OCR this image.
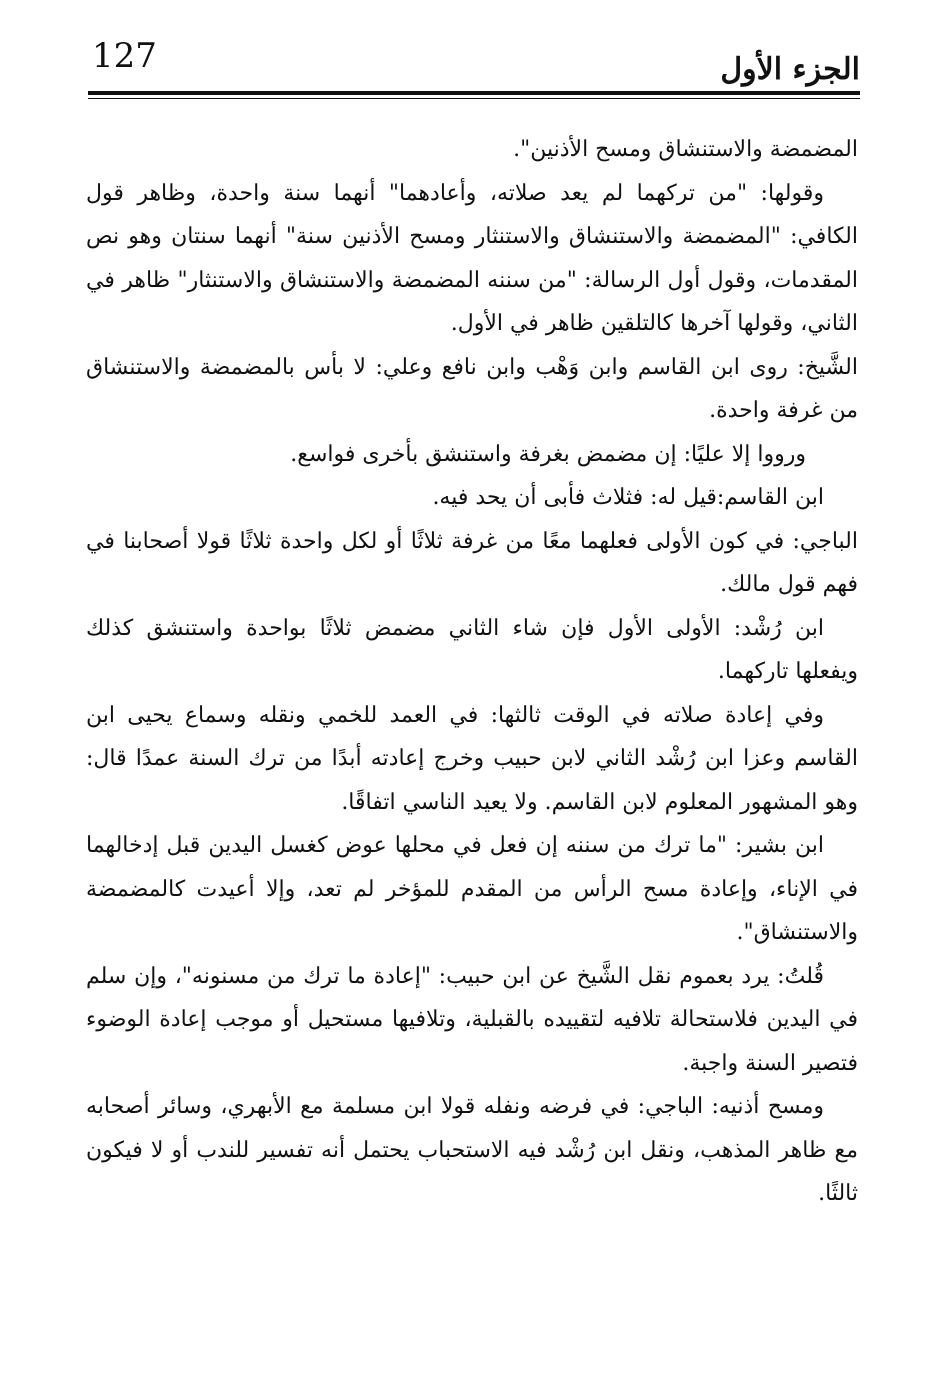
127	الجزء الأول

المضمضة والاستنشاق ومسح الأذنين".

وقولها: "من تركهما لم يعد صلاته، وأعادهما" أنهما سنة واحدة، وظاهر قول الكافي: "المضمضة والاستنشاق والاستنثار ومسح الأذنين سنة" أنهما سنتان وهو نص المقدمات، وقول أول الرسالة: "من سننه المضمضة والاستنشاق والاستنثار" ظاهر في الثاني، وقولها آخرها كالتلقين ظاهر في الأول.

الشَّيخ: روى ابن القاسم وابن وَهْب وابن نافع وعلي: لا بأس بالمضمضة والاستنشاق من غرفة واحدة.

ورووا إلا عليًا: إن مضمض بغرفة واستنشق بأخرى فواسع.

ابن القاسم:قيل له: فثلاث فأبى أن يحد فيه.

الباجي: في كون الأولى فعلهما معًا من غرفة ثلاثًا أو لكل واحدة ثلاثًا قولا أصحابنا في فهم قول مالك.

ابن رُشْد: الأولى الأول فإن شاء الثاني مضمض ثلاثًا بواحدة واستنشق كذلك ويفعلها تاركهما.

وفي إعادة صلاته في الوقت ثالثها: في العمد للخمي ونقله وسماع يحيى ابن القاسم وعزا ابن رُشْد الثاني لابن حبيب وخرج إعادته أبدًا من ترك السنة عمدًا قال: وهو المشهور المعلوم لابن القاسم. ولا يعيد الناسي اتفاقًا.

ابن بشير: "ما ترك من سننه إن فعل في محلها عوض كغسل اليدين قبل إدخالهما في الإناء، وإعادة مسح الرأس من المقدم للمؤخر لم تعد، وإلا أعيدت كالمضمضة والاستنشاق".

قُلتُ: يرد بعموم نقل الشَّيخ عن ابن حبيب: "إعادة ما ترك من مسنونه"، وإن سلم في اليدين فلاستحالة تلافيه لتقييده بالقبلية، وتلافيها مستحيل أو موجب إعادة الوضوء فتصير السنة واجبة.

ومسح أذنيه: الباجي: في فرضه ونفله قولا ابن مسلمة مع الأبهري، وسائر أصحابه مع ظاهر المذهب، ونقل ابن رُشْد فيه الاستحباب يحتمل أنه تفسير للندب أو لا فيكون ثالثًا.
